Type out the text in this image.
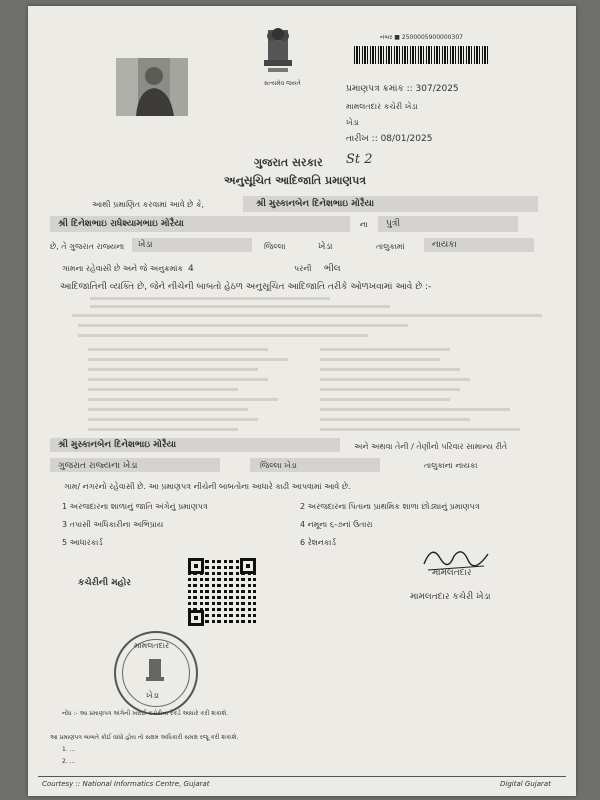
સત્યમેવ જયતે
નંબર ■ 2500005900000307
પ્રમાણપત્ર ક્રમાંક :: 307/2025
મામલતદાર કચેરી ખેડા
ખેડા
તારીખ :: 08/01/2025
ગુજરાત સરકાર St 2
અનુસૂચિત આદિજાતિ પ્રમાણપત્ર
આથી પ્રમાણિત કરવામાં આવે છે કે,	શ્રી મુસ્કાનબેન દિનેશભાઇ મોરૈયા
શ્રી દિનેશભાઇ રાધેશ્યામભાઇ મોરૈયા	ના પુત્રી
છે, તે ગુજરાત રાજ્યના ખેડા	જિલ્લા	ખેડા	તાલુકામાં	નાયકા
ગામના રહેવાસી છે અને જે અનુક્રમાંક 4	પરની ભીલ
આદિજાતિની વ્યક્તિ છે, જેને નીચેની બાબતો હેઠળ અનુસૂચિત આદિજાતિ તરીકે ઓળખવામાં આવે છે :-
શ્રી મુસ્કાનબેન દિનેશભાઇ મોરૈયા	અને અથવા તેની / તેણીનો પરિવાર સામાન્ય રીતે
ગુજરાત રાજ્યના ખેડા	જિલ્લા ખેડા	તાલુકાના નાયકા
ગામ/ નગરનો રહેવાસી છે. આ પ્રમાણપત્ર નીચેની બાબતોના આધારે કાઢી આપવામાં આવે છે.
1 અરજદારના શાળાનું જાતિ અંગેનું પ્રમાણપત્ર	2 અરજદારના પિતાના પ્રાથમિક શાળા છોડ્યાનું પ્રમાણપત્ર
3 તપાસી અધિકારીના અભિપ્રાય	4 નમૂના ૬-૭નાં ઉતારા
5 આધારકાર્ડ	6 રેશનકાર્ડ
મામલતદાર
મામલતદાર કચેરી ખેડા
કચેરીની મહોર
મામલતદાર
ખેડા
નોંધ :- આ પ્રમાણપત્ર અંગેની ખરાઈ કચેરીના રેકર્ડ આધારે કરી શકાશે.
આ પ્રમાણપત્ર બાબતે કોઈ વાંધો હોય તો સક્ષમ અધિકારી સમક્ષ રજૂ કરી શકાશે.
1. ...
2. ...
Courtesy :: National Informatics Centre, Gujarat	Digital Gujarat
